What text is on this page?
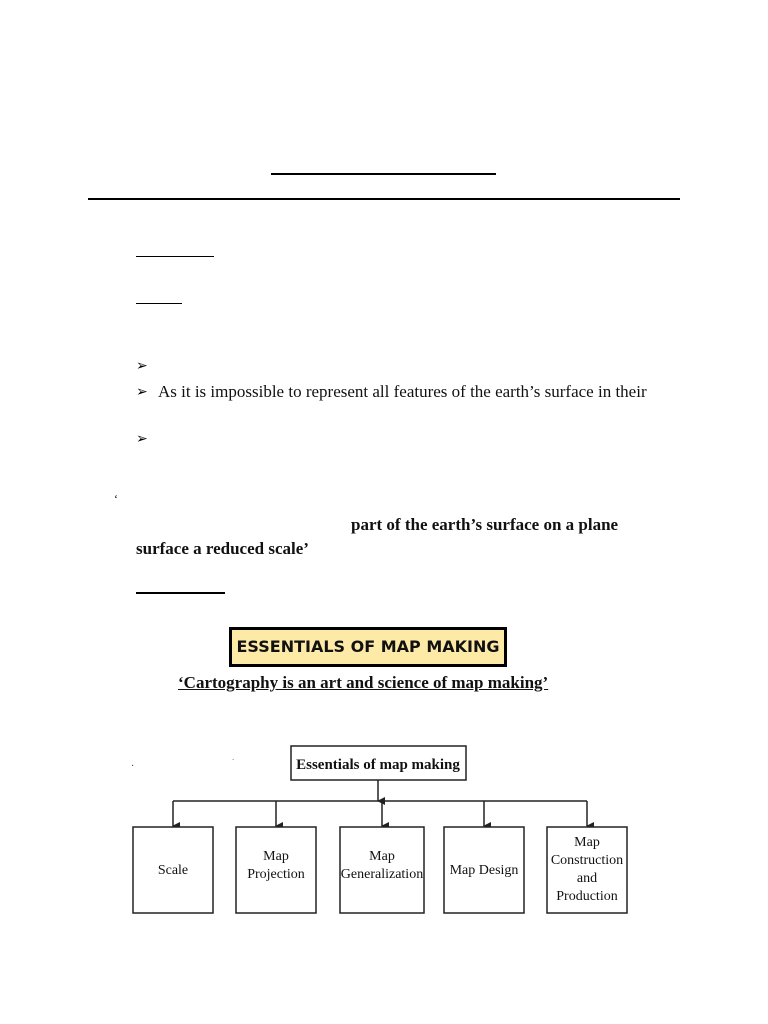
➢
➢ As it is impossible to represent all features of the earth’s surface in their
➢
‘
part of the earth’s surface on a plane
surface a reduced scale’
ESSENTIALS OF MAP MAKING
‘Cartography is an art and science of map making’
·
·	Essentials of map making
Scale
Map
Projection
Map
Generalization Map Design
Map
Construction
and
Production
